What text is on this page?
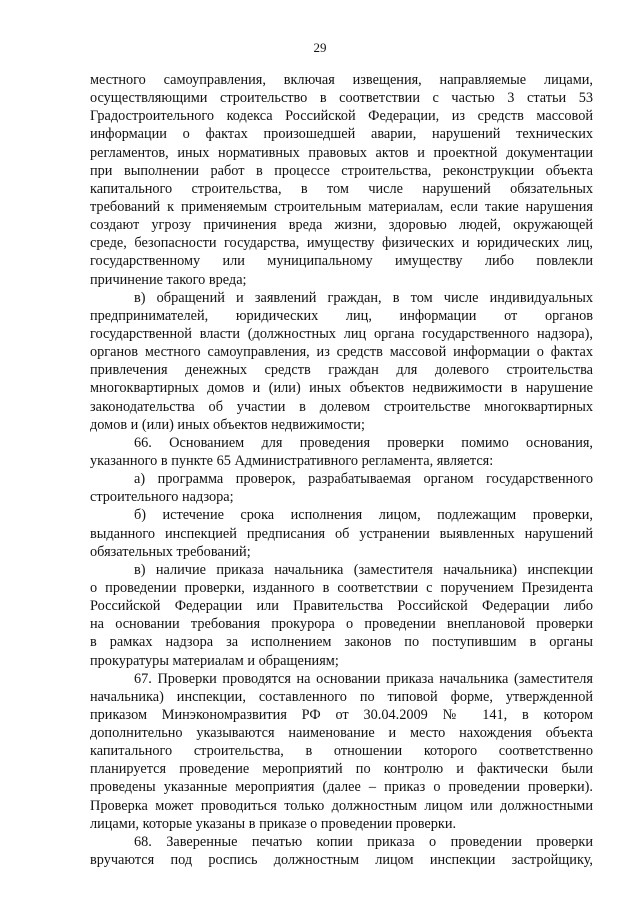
29

местного самоуправления, включая извещения, направляемые лицами,

осуществляющими строительство в соответствии с частью 3 статьи 53

Градостроительного кодекса Российской Федерации, из средств массовой

информации о фактах произошедшей аварии, нарушений технических

регламентов, иных нормативных правовых актов и проектной документации

при выполнении работ в процессе строительства, реконструкции объекта

капитального строительства, в том числе нарушений обязательных

требований к применяемым строительным материалам, если такие нарушения

создают угрозу причинения вреда жизни, здоровью людей, окружающей

среде, безопасности государства, имуществу физических и юридических лиц,

государственному или муниципальному имуществу либо повлекли

причинение такого вреда;

в) обращений и заявлений граждан, в том числе индивидуальных

предпринимателей, юридических лиц, информации от органов

государственной власти (должностных лиц органа государственного надзора),

органов местного самоуправления, из средств массовой информации о фактах

привлечения денежных средств граждан для долевого строительства

многоквартирных домов и (или) иных объектов недвижимости в нарушение

законодательства об участии в долевом строительстве многоквартирных

домов и (или) иных объектов недвижимости;

66. Основанием для проведения проверки помимо основания,

указанного в пункте 65 Административного регламента, является:

а) программа проверок, разрабатываемая органом государственного

строительного надзора;

б) истечение срока исполнения лицом, подлежащим проверки,

выданного инспекцией предписания об устранении выявленных нарушений

обязательных требований;

в) наличие приказа начальника (заместителя начальника) инспекции

о проведении проверки, изданного в соответствии с поручением Президента

Российской Федерации или Правительства Российской Федерации либо

на основании требования прокурора о проведении внеплановой проверки

в рамках надзора за исполнением законов по поступившим в органы

прокуратуры материалам и обращениям;

67. Проверки проводятся на основании приказа начальника (заместителя

начальника) инспекции, составленного по типовой форме, утвержденной

приказом Минэкономразвития РФ от 30.04.2009 № 141, в котором

дополнительно указываются наименование и место нахождения объекта

капитального строительства, в отношении которого соответственно

планируется проведение мероприятий по контролю и фактически были

проведены указанные мероприятия (далее – приказ о проведении проверки).

Проверка может проводиться только должностным лицом или должностными

лицами, которые указаны в приказе о проведении проверки.

68. Заверенные печатью копии приказа о проведении проверки

вручаются под роспись должностным лицом инспекции застройщику,
